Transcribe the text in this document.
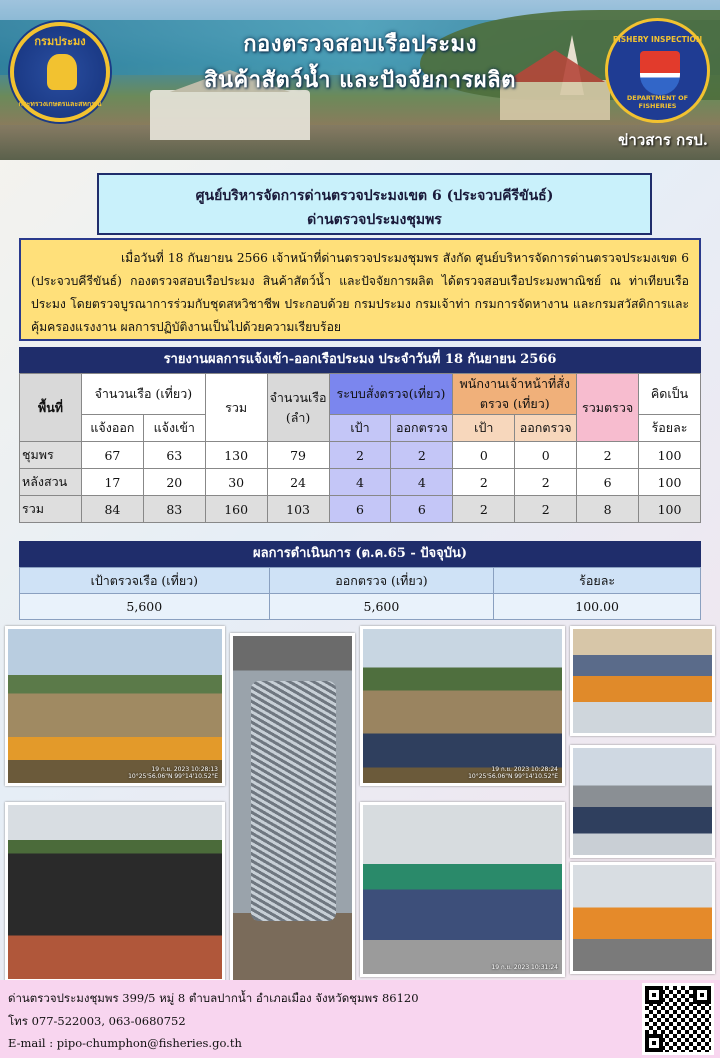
กรมประมง
กระทรวงเกษตรและสหกรณ์
กองตรวจสอบเรือประมง
สินค้าสัตว์น้ำ และปัจจัยการผลิต
FISHERY INSPECTION
DEPARTMENT OF FISHERIES
ข่าวสาร กรป.
ศูนย์บริหารจัดการด่านตรวจประมงเขต 6 (ประจวบคีรีขันธ์)
ด่านตรวจประมงชุมพร
เมื่อวันที่ 18 กันยายน 2566 เจ้าหน้าที่ด่านตรวจประมงชุมพร สังกัด ศูนย์บริหารจัดการด่านตรวจประมงเขต 6 (ประจวบคีรีขันธ์) กองตรวจสอบเรือประมง สินค้าสัตว์น้ำ และปัจจัยการผลิต ได้ตรวจสอบเรือประมงพาณิชย์ ณ ท่าเทียบเรือประมง โดยตรวจบูรณาการร่วมกับชุดสหวิชาชีพ ประกอบด้วย กรมประมง กรมเจ้าท่า กรมการจัดหางาน และกรมสวัสดิการและคุ้มครองแรงงาน ผลการปฏิบัติงานเป็นไปด้วยความเรียบร้อย
รายงานผลการแจ้งเข้า-ออกเรือประมง ประจำวันที่ 18 กันยายน 2566
พื้นที่	จำนวนเรือ (เที่ยว)		รวม	จำนวนเรือ (ลำ)	ระบบสั่งตรวจ(เที่ยว)		พนักงานเจ้าหน้าที่สั่งตรวจ (เที่ยว)		รวมตรวจ	คิดเป็น
	แจ้งออก	แจ้งเข้า			เป้า	ออกตรวจ	เป้า	ออกตรวจ		ร้อยละ
ชุมพร	67	63	130	79	2	2	0	0	2	100
หลังสวน	17	20	30	24	4	4	2	2	6	100
รวม	84	83	160	103	6	6	2	2	8	100
ผลการดำเนินการ (ต.ค.65 - ปัจจุบัน)
เป้าตรวจเรือ (เที่ยว)	ออกตรวจ (เที่ยว)	ร้อยละ
5,600	5,600	100.00
19 ก.ย. 2023 10:28:13
10°25'56.06"N 99°14'10.52"E
19 ก.ย. 2023 10:28:24
10°25'56.06"N 99°14'10.52"E
19 ก.ย. 2023 10:31:24
ด่านตรวจประมงชุมพร 399/5 หมู่ 8 ตำบลปากน้ำ อำเภอเมือง จังหวัดชุมพร 86120
โทร 077-522003, 063-0680752
E-mail : pipo-chumphon@fisheries.go.th
